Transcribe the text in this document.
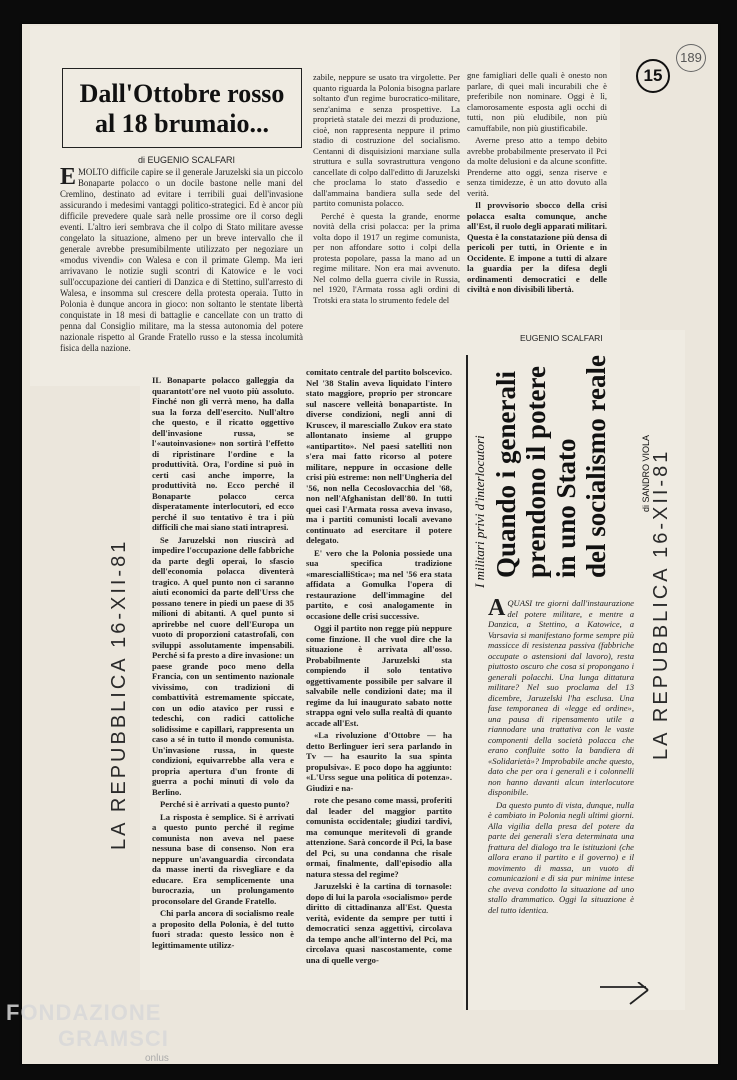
15
189
Dall'Ottobre rosso
al 18 brumaio...
di EUGENIO SCALFARI

EMOLTO difficile capire se il generale Jaruzelski sia un piccolo Bonaparte polacco o un docile bastone nelle mani del Cremlino, destinato ad evitare i terribili guai dell'invasione assicurando i medesimi vantaggi politico-strategici. Ed è ancor più difficile prevedere quale sarà nelle prossime ore il corso degli eventi. L'altro ieri sembrava che il colpo di Stato militare avesse congelato la situazione, almeno per un breve intervallo che il generale avrebbe presumibilmente utilizzato per negoziare un «modus vivendi» con Walesa e con il primate Glemp. Ma ieri arrivavano le notizie sugli scontri di Katowice e le voci sull'occupazione dei cantieri di Danzica e di Stettino, sull'arresto di Walesa, e insomma sul crescere della protesta operaia. Tutto in Polonia è dunque ancora in gioco: non soltanto le stentate libertà conquistate in 18 mesi di battaglie e cancellate con un tratto di penna dal Consiglio militare, ma la stessa autonomia del potere nazionale rispetto al Grande Fratello russo e la stessa incolumità fisica della nazione.

zabile, neppure se usato tra virgolette. Per quanto riguarda la Polonia bisogna parlare soltanto d'un regime burocratico-militare, senz'anima e senza prospettive. La proprietà statale dei mezzi di produzione, cioè, non rappresenta neppure il primo stadio di costruzione del socialismo. Centanni di disquisizioni marxiane sulla struttura e sulla sovrastruttura vengono cancellate di colpo dall'editto di Jaruzelski che proclama lo stato d'assedio e dall'ammaina bandiera sulla sede del partito comunista polacco.

Perché è questa la grande, enorme novità della crisi polacca: per la prima volta dopo il 1917 un regime comunista, per non affondare sotto i colpi della protesta popolare, passa la mano ad un regime militare. Non era mai avvenuto. Nel colmo della guerra civile in Russia, nel 1920, l'Armata rossa agli ordini di Trotski era stata lo strumento fedele del

gne famigliari delle quali è onesto non parlare, di quei mali incurabili che è preferibile non nominare. Oggi è lì, clamorosamente esposta agli occhi di tutti, non più eludibile, non più camuffabile, non più giustificabile.

Averne preso atto a tempo debito avrebbe probabilmente preservato il Pci da molte delusioni e da alcune sconfitte. Prenderne atto oggi, senza riserve e senza timidezze, è un atto dovuto alla verità.

Il provvisorio sbocco della crisi polacca esalta comunque, anche all'Est, il ruolo degli apparati militari. Questa è la constatazione più densa di pericoli per tutti, in Oriente e in Occidente. E impone a tutti di alzare la guardia per la difesa degli ordinamenti democratici e delle civiltà e non divisibili libertà.

EUGENIO SCALFARI

IL Bonaparte polacco galleggia da quarantott'ore nel vuoto più assoluto. Finché non gli verrà meno, ha dalla sua la forza dell'esercito. Null'altro che questo, e il ricatto oggettivo dell'invasione russa, se l'«autoinvasione» non sortirà l'effetto di ripristinare l'ordine e la produttività. Ora, l'ordine si può in certi casi anche imporre, la produttività no. Ecco perché il Bonaparte polacco cerca disperatamente interlocutori, ed ecco perché il suo tentativo è tra i più difficili che mai siano stati intrapresi.

Se Jaruzelski non riuscirà ad impedire l'occupazione delle fabbriche da parte degli operai, lo sfascio dell'economia polacca diventerà tragico. A quel punto non ci saranno aiuti economici da parte dell'Urss che possano tenere in piedi un paese di 35 milioni di abitanti. A quel punto si aprirebbe nel cuore dell'Europa un vuoto di proporzioni catastrofali, con sviluppi assolutamente impensabili. Perché si fa presto a dire invasione: un paese grande poco meno della Francia, con un sentimento nazionale vivissimo, con tradizioni di combattività estremamente spiccate, con un odio atavico per russi e tedeschi, con radici cattoliche solidissime e capillari, rappresenta un caso a sé in tutto il mondo comunista. Un'invasione russa, in queste condizioni, equivarrebbe alla vera e propria apertura d'un fronte di guerra a pochi minuti di volo da Berlino.

Perché si è arrivati a questo punto?

La risposta è semplice. Si è arrivati a questo punto perché il regime comunista non aveva nel paese nessuna base di consenso. Non era neppure un'avanguardia circondata da masse inerti da risvegliare e da educare. Era semplicemente una burocrazia, un prolungamento proconsolare del Grande Fratello.

Chi parla ancora di socialismo reale a proposito della Polonia, è del tutto fuori strada: questo lessico non è legittimamente utilizz-

comitato centrale del partito bolscevico. Nel '38 Stalin aveva liquidato l'intero stato maggiore, proprio per stroncare sul nascere velleità bonapartiste. In diverse condizioni, negli anni di Kruscev, il maresciallo Zukov era stato allontanato insieme al gruppo «antipartito». Nel paesi satelliti non s'era mai fatto ricorso al potere militare, neppure in occasione delle crisi più estreme: non nell'Ungheria del '56, non nella Cecoslovacchia del '68, non nell'Afghanistan dell'80. In tutti quei casi l'Armata rossa aveva invaso, ma i partiti comunisti locali avevano continuato ad esercitare il potere delegato.

E' vero che la Polonia possiede una sua specifica tradizione «marescialliStica»; ma nel '56 era stata affidata a Gomulka l'opera di restaurazione dell'immagine del partito, e così analogamente in occasione delle crisi successive.

Oggi il partito non regge più neppure come finzione. Il che vuol dire che la situazione è arrivata all'osso. Probabilmente Jaruzelski sta compiendo il solo tentativo oggettivamente possibile per salvare il salvabile nelle condizioni date; ma il regime da lui inaugurato sabato notte strappa ogni velo sulla realtà di quanto accade all'Est.

«La rivoluzione d'Ottobre — ha detto Berlinguer ieri sera parlando in Tv — ha esaurito la sua spinta propulsiva». E poco dopo ha aggiunto: «L'Urss segue una politica di potenza». Giudizi e na-

rote che pesano come massi, proferiti dal leader del maggior partito comunista occidentale; giudizi tardivi, ma comunque meritevoli di grande attenzione. Sarà concorde il Pci, la base del Pci, su una condanna che risale ormai, finalmente, dall'episodio alla natura stessa del regime?

Jaruzelski è la cartina di tornasole: dopo di lui la parola «socialismo» perde diritto di cittadinanza all'Est. Questa verità, evidente da sempre per tutti i democratici senza aggettivi, circolava da tempo anche all'interno del Pci, ma circolava quasi nascostamente, come una di quelle vergo-

I militari privi d'interlocutori Quando i generali prendono il potere in uno Stato del socialismo reale	di SANDRO VIOLA

AQUASI tre giorni dall'instaurazione del potere militare, e mentre a Danzica, a Stettino, a Katowice, a Varsavia si manifestano forme sempre più massicce di resistenza passiva (fabbriche occupate o astensioni dal lavoro), resta piuttosto oscuro che cosa si propongano i generali polacchi. Una lunga dittatura militare? Nel suo proclama del 13 dicembre, Jaruzelski l'ha esclusa. Una fase temporanea di «legge ed ordine», una pausa di ripensamento utile a riannodare una trattativa con le vaste componenti della società polacca che erano confluite sotto la bandiera di «Solidarietà»? Improbabile anche questo, dato che per ora i generali e i colonnelli non hanno davanti alcun interlocutore disponibile.

Da questo punto di vista, dunque, nulla è cambiato in Polonia negli ultimi giorni. Alla vigilia della presa del potere da parte dei generali s'era determinata una frattura del dialogo tra le istituzioni (che allora erano il partito e il governo) e il movimento di massa, un vuoto di comunicazioni e di sia pur minime intese che aveva condotto la situazione ad uno stallo drammatico. Oggi la situazione è del tutto identica.

LA REPUBBLICA 16-XII-81	LA REPUBBLICA 16-XII-81
FONDAZIONE
GRAMSCI
onlus
